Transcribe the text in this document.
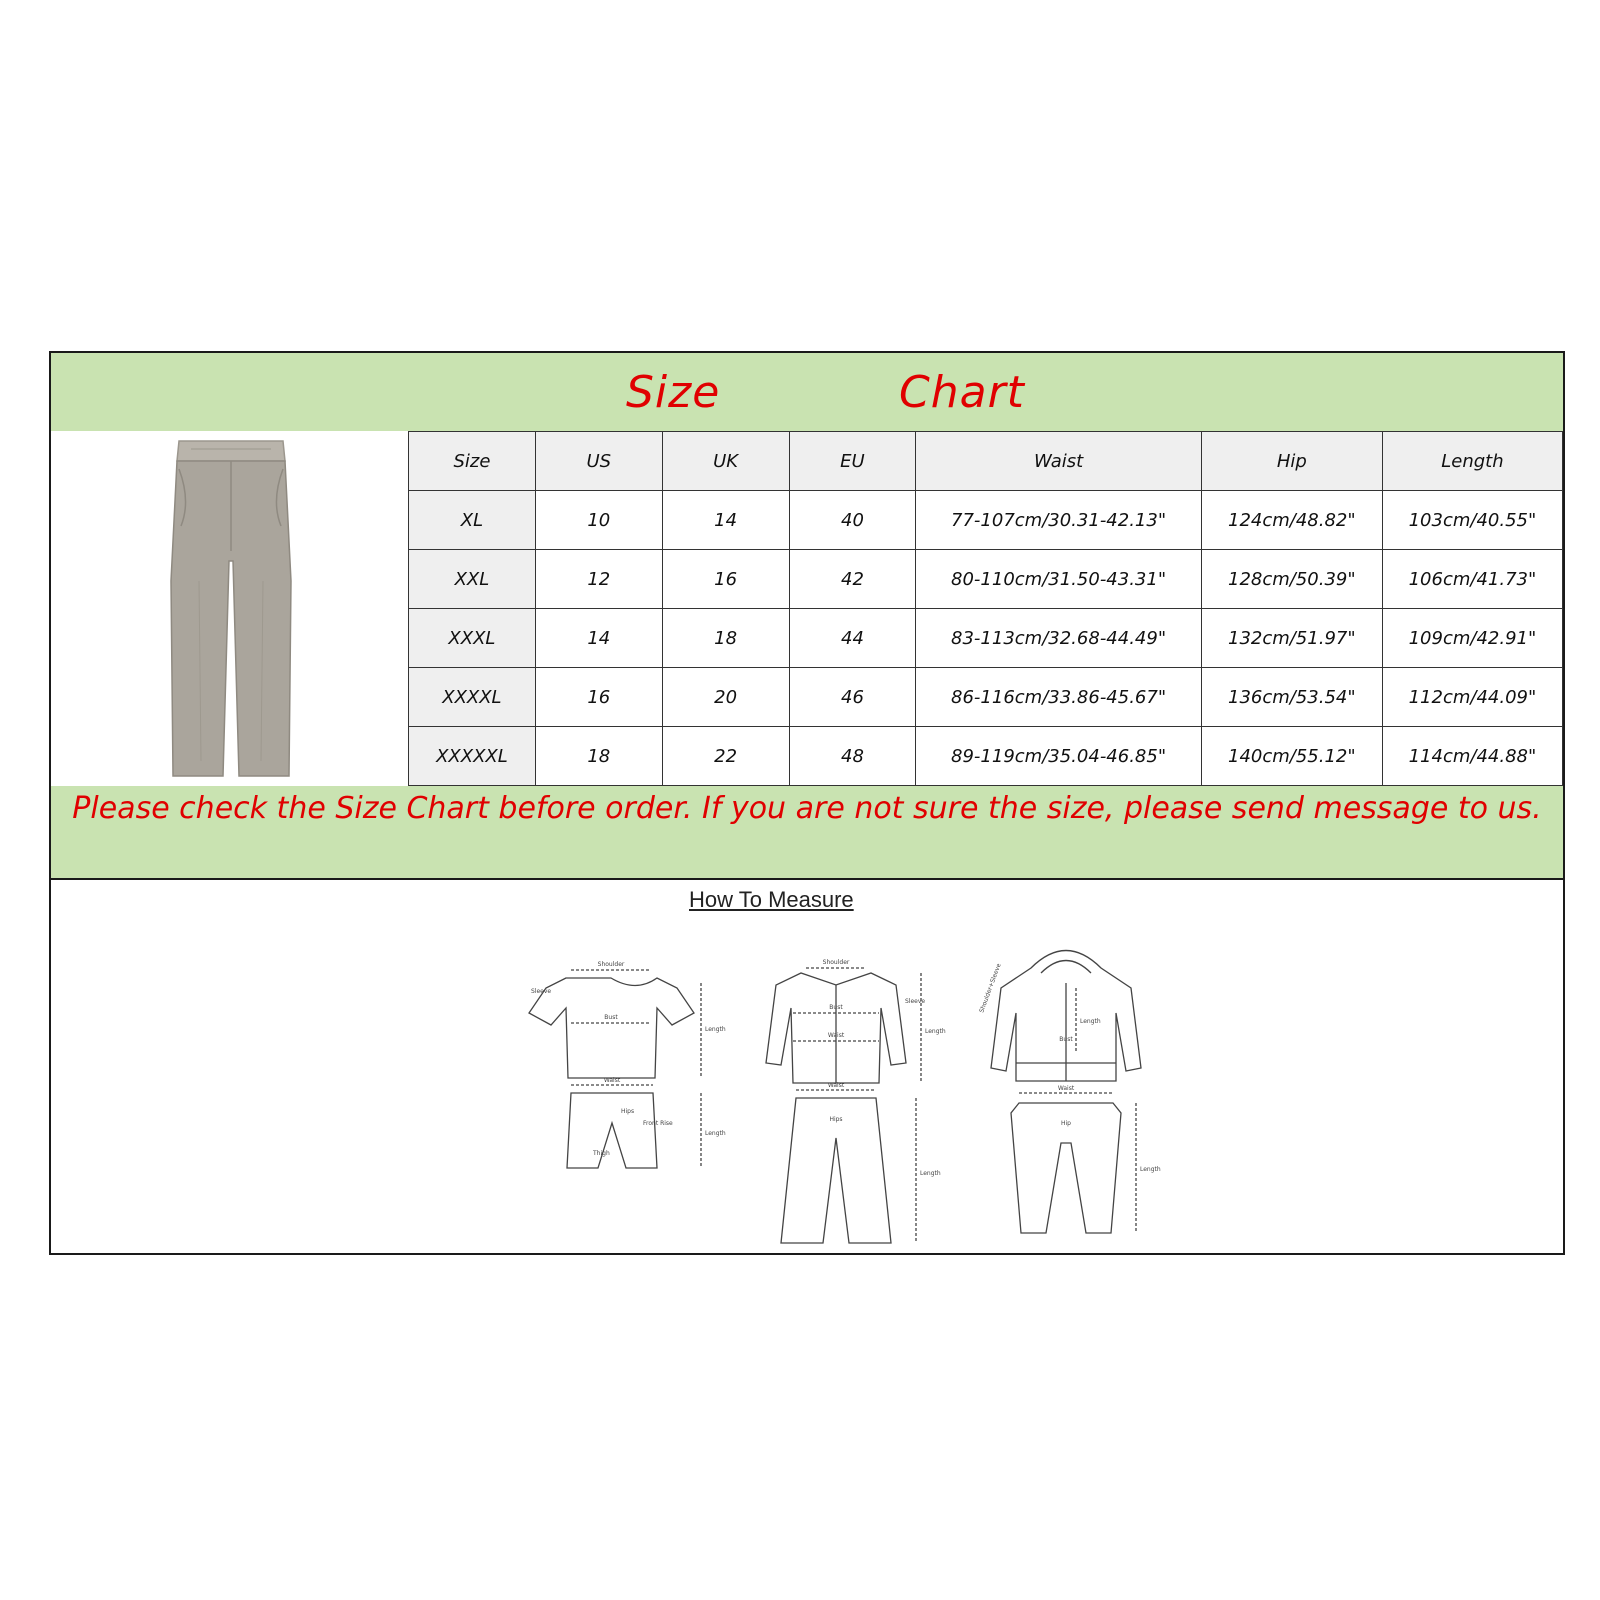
Size	Chart
Size	US	UK	EU	Waist	Hip	Length
XL	10	14	40	77-107cm/30.31-42.13"	124cm/48.82"	103cm/40.55"
XXL	12	16	42	80-110cm/31.50-43.31"	128cm/50.39"	106cm/41.73"
XXXL	14	18	44	83-113cm/32.68-44.49"	132cm/51.97"	109cm/42.91"
XXXXL	16	20	46	86-116cm/33.86-45.67"	136cm/53.54"	112cm/44.09"
XXXXXL	18	22	48	89-119cm/35.04-46.85"	140cm/55.12"	114cm/44.88"
Please check the Size Chart before order. If you are not sure the size, please send message to us.
How To Measure
Shoulder
Sleeve
Bust
Length
Waist
Hips
Front Rise
Thigh
Length
Shoulder
Bust
Waist
Sleeve
Length
Waist
Hips
Length
Shoulder+Sleeve
Length
Bust
Waist
Hip
Length
